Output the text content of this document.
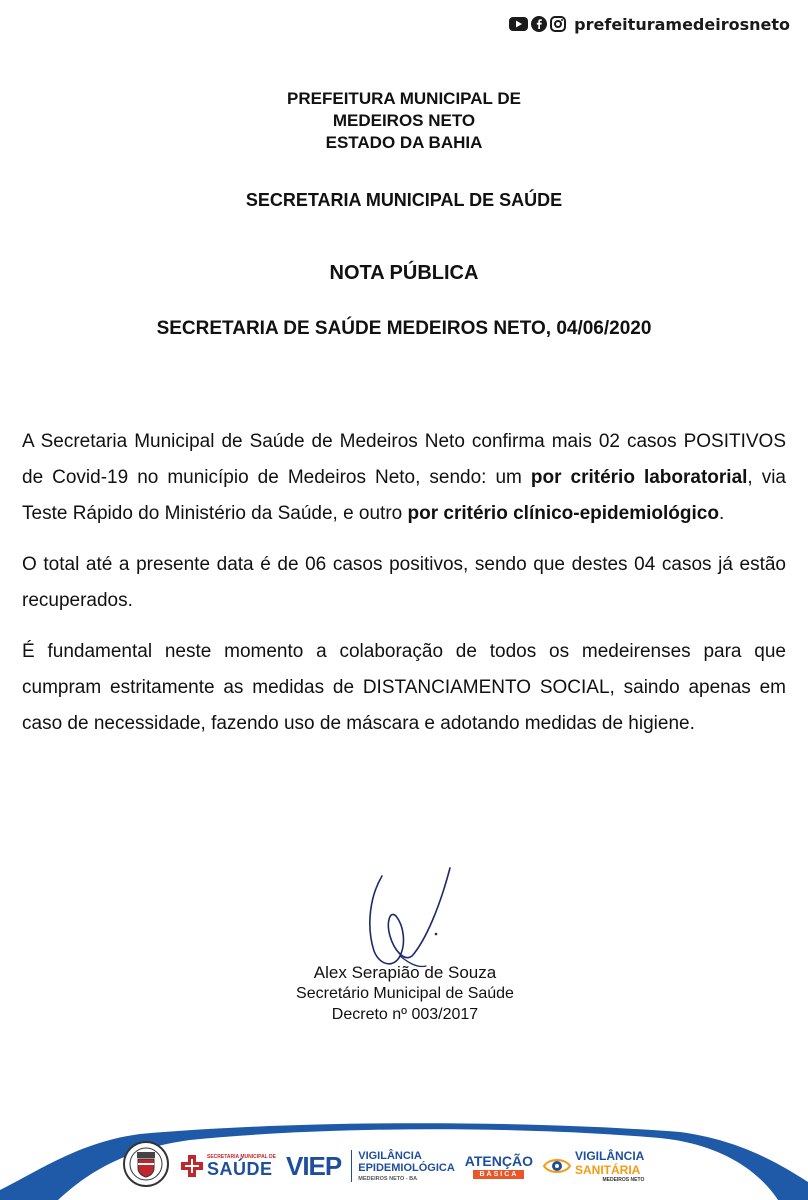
prefeituramedeirosneto
PREFEITURA MUNICIPAL DE
MEDEIROS NETO
ESTADO DA BAHIA
SECRETARIA MUNICIPAL DE SAÚDE
NOTA PÚBLICA
SECRETARIA DE SAÚDE MEDEIROS NETO, 04/06/2020

A Secretaria Municipal de Saúde de Medeiros Neto confirma mais 02 casos POSITIVOS de Covid-19 no município de Medeiros Neto, sendo: um por critério laboratorial, via Teste Rápido do Ministério da Saúde, e outro por critério clínico-epidemiológico.

O total até a presente data é de 06 casos positivos, sendo que destes 04 casos já estão recuperados.

É fundamental neste momento a colaboração de todos os medeirenses para que cumpram estritamente as medidas de DISTANCIAMENTO SOCIAL, saindo apenas em caso de necessidade, fazendo uso de máscara e adotando medidas de higiene.

Alex Serapião de Souza
Secretário Municipal de Saúde
Decreto nº 003/2017
SECRETARIA MUNICIPAL DE
SAÚDE VIEP VIGILÂNCIA
EPIDEMIOLÓGICA
MEDEIROS NETO - BA
ATENÇÃO
BÁSICA
VIGILÂNCIA
SANITÁRIA
MEDEIROS NETO
